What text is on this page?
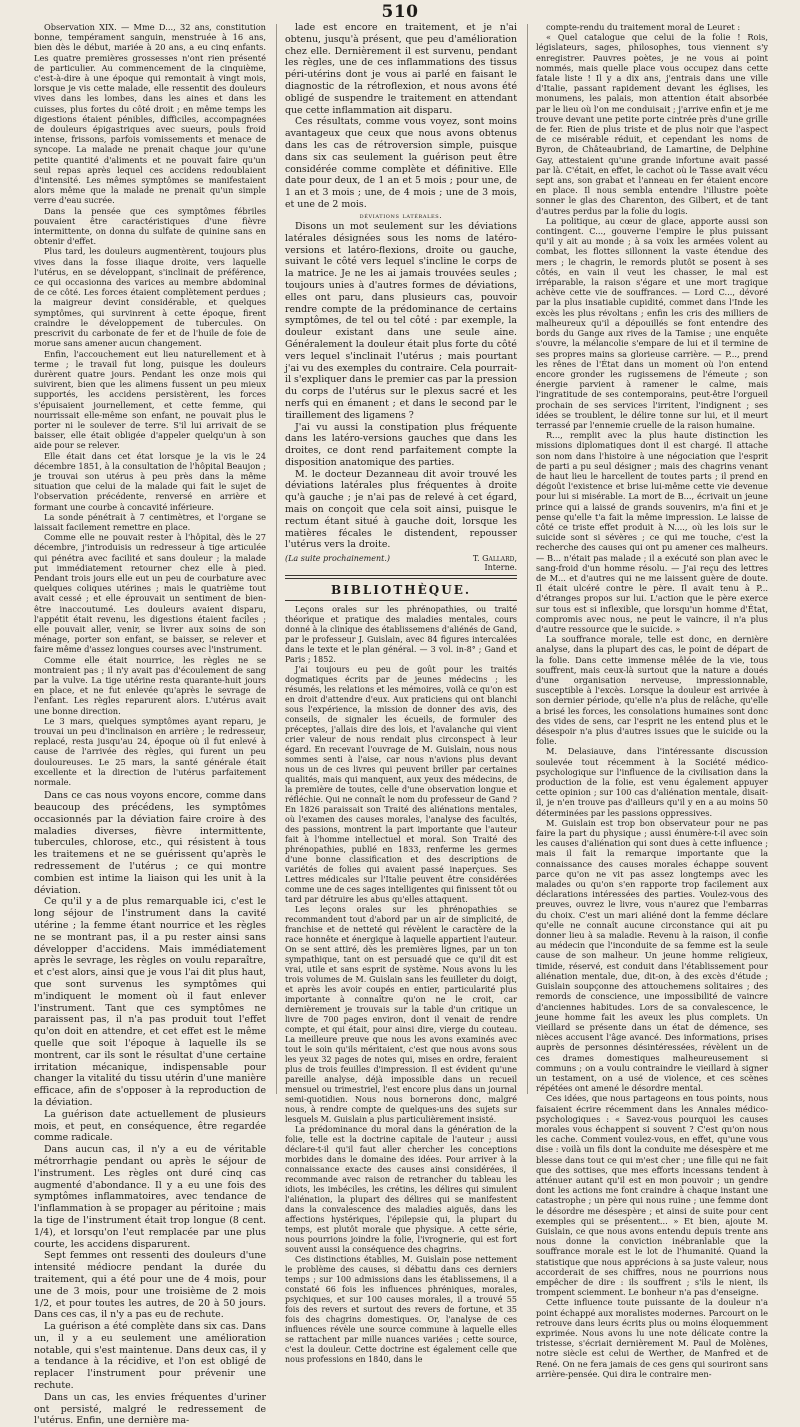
510

Observation XIX. — Mme D..., 32 ans, constitution bonne, tempérament sanguin, menstruée à 16 ans, bien dès le début, mariée à 20 ans, a eu cinq enfants. Les quatre premières grossesses n'ont rien présenté de particulier. Au commencement de la cinquième, c'est-à-dire à une époque qui remontait à vingt mois, lorsque je vis cette malade, elle ressentit des douleurs vives dans les lombes, dans les aines et dans les cuisses, plus fortes du côté droit ; en même temps les digestions étaient pénibles, difficiles, accompagnées de douleurs épigastriques avec sueurs, pouls froid intense, frissons, parfois vomissements et menace de syncope. La malade ne prenait chaque jour qu'une petite quantité d'aliments et ne pouvait faire qu'un seul repas après lequel ces accidens redoublaient d'intensité. Les mêmes symptômes se manifestaient alors même que la malade ne prenait qu'un simple verre d'eau sucrée.

Dans la pensée que ces symptômes fébriles pouvaient être caractéristiques d'une fièvre intermittente, on donna du sulfate de quinine sans en obtenir d'effet.

Plus tard, les douleurs augmentèrent, toujours plus vives dans la fosse iliaque droite, vers laquelle l'utérus, en se développant, s'inclinait de préférence, ce qui occasionna des varices au membre abdominal de ce côté. Les forces étaient complètement perdues ; la maigreur devint considérable, et quelques symptômes, qui survinrent à cette époque, firent craindre le développement de tubercules. On prescrivit du carbonate de fer et de l'huile de foie de morue sans amener aucun changement.

Enfin, l'accouchement eut lieu naturellement et à terme ; le travail fut long, puisque les douleurs durèrent quatre jours. Pendant les onze mois qui suivirent, bien que les alimens fussent un peu mieux supportés, les accidens persistèrent, les forces s'épuisaient journellement, et cette femme, qui nourrissait elle-même son enfant, ne pouvait plus le porter ni le soulever de terre. S'il lui arrivait de se baisser, elle était obligée d'appeler quelqu'un à son aide pour se relever.

Elle était dans cet état lorsque je la vis le 24 décembre 1851, à la consultation de l'hôpital Beaujon ; je trouvai son utérus à peu près dans la même situation que celui de la malade qui fait le sujet de l'observation précédente, renversé en arrière et formant une courbe à concavité inférieure.

La sonde pénétrait à 7 centimètres, et l'organe se laissait facilement remettre en place.

Comme elle ne pouvait rester à l'hôpital, dès le 27 décembre, j'introduisis un redresseur à tige articulée qui pénétra avec facilité et sans douleur ; la malade put immédiatement retourner chez elle à pied. Pendant trois jours elle eut un peu de courbature avec quelques coliques utérines ; mais le quatrième tout avait cessé ; et elle éprouvait un sentiment de bien-être inaccoutumé. Les douleurs avaient disparu, l'appétit était revenu, les digestions étaient faciles ; elle pouvait aller, venir, se livrer aux soins de son ménage, porter son enfant, se baisser, se relever et faire même d'assez longues courses avec l'instrument.

Comme elle était nourrice, les règles ne se montraient pas ; il n'y avait pas d'écoulement de sang par la vulve. La tige utérine resta quarante-huit jours en place, et ne fut enlevée qu'après le sevrage de l'enfant. Les règles reparurent alors. L'utérus avait une bonne direction.

Le 3 mars, quelques symptômes ayant reparu, je trouvai un peu d'inclinaison en arrière ; le redresseur, replacé, resta jusqu'au 24, époque où il fut enlevé à cause de l'arrivée des règles, qui furent un peu douloureuses. Le 25 mars, la santé générale était excellente et la direction de l'utérus parfaitement normale.

Dans ce cas nous voyons encore, comme dans beaucoup des précédens, les symptômes occasionnés par la déviation faire croire à des maladies diverses, fièvre intermittente, tubercules, chlorose, etc., qui résistent à tous les traitemens et ne se guérissent qu'après le redressement de l'utérus ; ce qui montre combien est intime la liaison qui les unit à la déviation.

Ce qu'il y a de plus remarquable ici, c'est le long séjour de l'instrument dans la cavité utérine ; la femme étant nourrice et les règles ne se montrant pas, il a pu rester ainsi sans développer d'accidens. Mais immédiatement après le sevrage, les règles on voulu reparaître, et c'est alors, ainsi que je vous l'ai dit plus haut, que sont survenus les symptômes qui m'indiquent le moment où il faut enlever l'instrument. Tant que ces symptômes ne paraissent pas, il n'a pas produit tout l'effet qu'on doit en attendre, et cet effet est le même quelle que soit l'époque à laquelle ils se montrent, car ils sont le résultat d'une certaine irritation mécanique, indispensable pour changer la vitalité du tissu utérin d'une manière efficace, afin de s'opposer à la reproduction de la déviation.

La guérison date actuellement de plusieurs mois, et peut, en conséquence, être regardée comme radicale.

Dans aucun cas, il n'y a eu de véritable métrorrhagie pendant ou après le séjour de l'instrument. Les règles ont duré cinq cas augmenté d'abondance. Il y a eu une fois des symptômes inflammatoires, avec tendance de l'inflammation à se propager au péritoine ; mais la tige de l'instrument était trop longue (8 cent. 1/4), et lorsqu'on l'eut remplacée par une plus courte, les accidens disparurent.

Sept femmes ont ressenti des douleurs d'une intensité médiocre pendant la durée du traitement, qui a été pour une de 4 mois, pour une de 3 mois, pour une troisième de 2 mois 1/2, et pour toutes les autres, de 20 à 50 jours. Dans ces cas, il n'y a pas eu de rechute.

La guérison a été complète dans six cas. Dans un, il y a eu seulement une amélioration notable, qui s'est maintenue. Dans deux cas, il y a tendance à la récidive, et l'on est obligé de replacer l'instrument pour prévenir une rechute.

Dans un cas, les envies fréquentes d'uriner ont persisté, malgré le redressement de l'utérus. Enfin, une dernière ma-

lade est encore en traitement, et je n'ai obtenu, jusqu'à présent, que peu d'amélioration chez elle. Dernièrement il est survenu, pendant les règles, une de ces inflammations des tissus péri-utérins dont je vous ai parlé en faisant le diagnostic de la rétroflexion, et nous avons été obligé de suspendre le traitement en attendant que cette inflammation ait disparu.

Ces résultats, comme vous voyez, sont moins avantageux que ceux que nous avons obtenus dans les cas de rétroversion simple, puisque dans six cas seulement la guérison peut être considérée comme complète et définitive. Elle date pour deux, de 1 an et 5 mois ; pour une, de 1 an et 3 mois ; une, de 4 mois ; une de 3 mois, et une de 2 mois.

déviations latérales.

Disons un mot seulement sur les déviations latérales désignées sous les noms de latéro-versions et latéro-flexions, droite ou gauche, suivant le côté vers lequel s'incline le corps de la matrice. Je ne les ai jamais trouvées seules ; toujours unies à d'autres formes de déviations, elles ont paru, dans plusieurs cas, pouvoir rendre compte de la prédominance de certains symptômes, de tel ou tel côté : par exemple, la douleur existant dans une seule aine. Généralement la douleur était plus forte du côté vers lequel s'inclinait l'utérus ; mais pourtant j'ai vu des exemples du contraire. Cela pourrait-il s'expliquer dans le premier cas par la pression du corps de l'utérus sur le plexus sacré et les nerfs qui en émanent ; et dans le second par le tiraillement des ligamens ?

J'ai vu aussi la constipation plus fréquente dans les latéro-versions gauches que dans les droites, ce dont rend parfaitement compte la disposition anatomique des parties.

M. le docteur Dezanneau dit avoir trouvé les déviations latérales plus fréquentes à droite qu'à gauche ; je n'ai pas de relevé à cet égard, mais on conçoit que cela soit ainsi, puisque le rectum étant situé à gauche doit, lorsque les matières fécales le distendent, repousser l'utérus vers la droite.

(La suite prochainement.)	T. Gallard,
Interne.
BIBLIOTHÈQUE.

Leçons orales sur les phrénopathies, ou traité théorique et pratique des maladies mentales, cours donné à la clinique des établissemens d'aliénés de Gand, par le professeur J. Guislain, avec 84 figures intercalées dans le texte et le plan général. — 3 vol. in-8° ; Gand et Paris ; 1852.

J'ai toujours eu peu de goût pour les traités dogmatiques écrits par de jeunes médecins ; les résumés, les relations et les mémoires, voilà ce qu'on est en droit d'attendre d'eux. Aux praticiens qui ont blanchi sous l'expérience, la mission de donner des avis, des conseils, de signaler les écueils, de formuler des préceptes, j'allais dire des lois, et l'avalanche qui vient crier valeur de nous rendait plus circonspect à leur égard. En recevant l'ouvrage de M. Guislain, nous nous sommes senti à l'aise, car nous n'avions plus devant nous un de ces livres qui peuvent briller par certaines qualités, mais qui manquent, aux yeux des médecins, de la première de toutes, celle d'une observation longue et réfléchie. Qui ne connaît le nom du professeur de Gand ? En 1826 paraissait son Traité des aliénations mentales, où l'examen des causes morales, l'analyse des facultés, des passions, montrent la part importante que l'auteur fait à l'homme intellectuel et moral. Son Traité des phrénopathies, publié en 1833, renferme les germes d'une bonne classification et des descriptions de variétés de folies qui avaient passé inaperçues. Ses Lettres médicales sur l'Italie peuvent être considérées comme une de ces sages intelligentes qui finissent tôt ou tard par détruire les abus qu'elles attaquent.

Les leçons orales sur les phrénopathies se recommandent tout d'abord par un air de simplicité, de franchise et de netteté qui révèlent le caractère de la race honnête et énergique à laquelle appartient l'auteur. On se sent attiré, dès les premières lignes, par un ton sympathique, tant on est persuadé que ce qu'il dit est vrai, utile et sans esprit de système. Nous avons lu les trois volumes de M. Guislain sans les feuilleter du doigt, et après les avoir coupés en entier, particularité plus importante à connaître qu'on ne le croit, car dernièrement je trouvais sur la table d'un critique un livre de 700 pages environ, dont il venait de rendre compte, et qui était, pour ainsi dire, vierge du couteau. La meilleure preuve que nous les avons examinés avec tout le soin qu'ils méritaient, c'est que nous avons sous les yeux 32 pages de notes qui, mises en ordre, feraient plus de trois feuilles d'impression. Il est évident qu'une pareille analyse, déjà impossible dans un recueil mensuel ou trimestriel, l'est encore plus dans un journal semi-quotidien. Nous nous bornerons donc, malgré nous, à rendre compte de quelques-uns des sujets sur lesquels M. Guislain a plus particulièrement insisté.

La prédominance du moral dans la génération de la folie, telle est la doctrine capitale de l'auteur ; aussi déclare-t-il qu'il faut aller chercher les conceptions morbides dans le domaine des idées. Pour arriver à la connaissance exacte des causes ainsi considérées, il recommande avec raison de retrancher du tableau les idiots, les imbéciles, les crétins, les délires qui simulent l'aliénation, la plupart des délires qui se manifestent dans la convalescence des maladies aiguës, dans les affections hystériques, l'épilepsie qui, la plupart du temps, est plutôt morale que physique. A cette série, nous pourrions joindre la folie, l'ivrognerie, qui est fort souvent aussi la conséquence des chagrins.

Ces distinctions établies, M. Guislain pose nettement le problème des causes, si débattu dans ces derniers temps ; sur 100 admissions dans les établissemens, il a constaté 66 fois les influences phréniques, morales, psychiques, et sur 100 causes morales, il a trouvé 55 fois des revers et surtout des revers de fortune, et 35 fois des chagrins domestiques. Or, l'analyse de ces influences révèle une source commune à laquelle elles se rattachent par mille nuances variées ; cette source, c'est la douleur. Cette doctrine est également celle que nous professions en 1840, dans le

compte-rendu du traitement moral de Leuret :

« Quel catalogue que celui de la folie ! Rois, législateurs, sages, philosophes, tous viennent s'y enregistrer. Pauvres poètes, je ne vous ai point nommés, mais quelle place vous occupez dans cette fatale liste ! Il y a dix ans, j'entrais dans une ville d'Italie, passant rapidement devant les églises, les monumens, les palais, mon attention était absorbée par le lieu où l'on me conduisait ; j'arrive enfin et je me trouve devant une petite porte cintrée près d'une grille de fer. Rien de plus triste et de plus noir que l'aspect de ce misérable réduit, et cependant les noms de Byron, de Châteaubriand, de Lamartine, de Delphine Gay, attestaient qu'une grande infortune avait passé par là. C'était, en effet, le cachot où le Tasse avait vécu sept ans, son grabat et l'anneau en fer étaient encore en place. Il nous sembla entendre l'illustre poète sonner le glas des Charenton, des Gilbert, et de tant d'autres perdus par la folie du logis.

La politique, au cœur de glace, apporte aussi son contingent. C..., gouverne l'empire le plus puissant qu'il y ait au monde ; à sa voix les armées volent au combat, les flottes sillonnent la vaste étendue des mers ; le chagrin, le remords plutôt se posent à ses côtés, en vain il veut les chasser, le mal est irréparable, la raison s'égare et une mort tragique achève cette vie de souffrances. — Lord C..., dévoré par la plus insatiable cupidité, commet dans l'Inde les excès les plus révoltans ; enfin les cris des milliers de malheureux qu'il a dépouillés se font entendre des bords du Gange aux rives de la Tamise ; une enquête s'ouvre, la mélancolie s'empare de lui et il termine de ses propres mains sa glorieuse carrière. — P..., prend les rênes de l'État dans un moment où l'on entend encore gronder les rugissemens de l'émeute ; son énergie parvient à ramener le calme, mais l'ingratitude de ses contemporains, peut-être l'orgueil prochain de ses services l'irritent, l'indignent ; ses idées se troublent, le délire tonne sur lui, et il meurt terrassé par l'ennemie cruelle de la raison humaine.

R..., remplit avec la plus haute distinction les missions diplomatiques dont il est chargé. Il attache son nom dans l'histoire à une négociation que l'esprit de parti a pu seul désigner ; mais des chagrins venant de haut lieu le harcellent de toutes parts ; il prend en dégoût l'existence et brise lui-même cette vie devenue pour lui si misérable. La mort de B..., écrivait un jeune prince qui a laissé de grands souvenirs, m'a fini et je pense qu'elle t'a fait la même impression. Le laisse de côté ce triste effet produit à N...., où les lois sur le suicide sont si sévères ; ce qui me touche, c'est la recherche des causes qui ont pu amener ces malheurs. — B... n'était pas malade ; il a exécuté son plan avec le sang-froid d'un homme résolu. — J'ai reçu des lettres de M... et d'autres qui ne me laissent guère de doute. Il était ulcéré contre le père. Il avait tenu à P... d'étranges propos sur lui. L'action que le père exerce sur tous est si inflexible, que lorsqu'un homme d'État, compromis avec nous, ne peut le vaincre, il n'a plus d'autre ressource que le suicide. »

La souffrance morale, telle est donc, en dernière analyse, dans la plupart des cas, le point de départ de la folie. Dans cette immense mêlée de la vie, tous souffrent, mais ceux-là surtout que la nature a doués d'une organisation nerveuse, impressionnable, susceptible à l'excès. Lorsque la douleur est arrivée à son dernier période, qu'elle n'a plus de relâche, qu'elle a brisé les forces, les consolations humaines sont donc des vides de sens, car l'esprit ne les entend plus et le désespoir n'a plus d'autres issues que le suicide ou la folie.

M. Delasiauve, dans l'intéressante discussion soulevée tout récemment à la Société médico-psychologique sur l'influence de la civilisation dans la production de la folie, est venu également appuyer cette opinion ; sur 100 cas d'aliénation mentale, disait-il, je n'en trouve pas d'ailleurs qu'il y en a au moins 50 déterminées par les passions oppressives.

M. Guislain est trop bon observateur pour ne pas faire la part du physique ; aussi énumère-t-il avec soin les causes d'aliénation qui sont dues à cette influence ; mais il fait la remarque importante que la connaissance des causes morales échappe souvent parce qu'on ne vit pas assez longtemps avec les malades ou qu'on s'en rapporte trop facilement aux déclarations intéressées des parties. Voulez-vous des preuves, ouvrez le livre, vous n'aurez que l'embarras du choix. C'est un mari aliéné dont la femme déclare qu'elle ne connaît aucune circonstance qui ait pu donner lieu à sa maladie. Revenu à la raison, il confie au médecin que l'inconduite de sa femme est la seule cause de son malheur. Un jeune homme religieux, timide, réservé, est conduit dans l'établissement pour aliénation mentale, due, dit-on, à des excès d'étude ; Guislain soupçonne des attouchemens solitaires ; des remords de conscience, une impossibilité de vaincre d'anciennes habitudes. Lors de sa convalescence, le jeune homme fait les aveux les plus complets. Un vieillard se présente dans un état de démence, ses nièces accusent l'âge avancé. Des informations, prises auprès de personnes désintéressées, révèlent un de ces drames domestiques malheureusement si communs ; on a voulu contraindre le vieillard à signer un testament, on a usé de violence, et ces scènes répétées ont amené le désordre mental.

Ces idées, que nous partageons en tous points, nous faisaient écrire récemment dans les Annales médico-psychologiques : « Savez-vous pourquoi les causes morales vous échappent si souvent ? C'est qu'on nous les cache. Comment voulez-vous, en effet, qu'une vous dise : voilà un fils dont la conduite me désespère et me blesse dans tout ce qui m'est cher ; une fille qui ne fait que des sottises, que mes efforts incessans tendent à atténuer autant qu'il est en mon pouvoir ; un gendre dont les actions me font craindre à chaque instant une catastrophe ; un père qui nous ruine ; une femme dont le désordre me désespère ; et ainsi de suite pour cent exemples qui se présentent... » Et bien, ajoute M. Guislain, ce que nous avons entendu depuis trente ans nous donne la conviction inébranlable que la souffrance morale est le lot de l'humanité. Quand la statistique que nous apprécions à sa juste valeur, nous accorderait de ses chiffres, nous ne pourrions nous empêcher de dire : ils souffrent ; s'ils le nient, ils trompent sciemment. Le bonheur n'a pas d'enseigne.

Cette influence toute puissante de la douleur n'a point échappé aux moralistes modernes. Parcourt on le retrouve dans leurs écrits plus ou moins éloquemment exprimée. Nous avons lu une note délicate contre la tristesse, s'écriait dernièrement M. Paul de Molènes, notre siècle est celui de Werther, de Manfred et de René. On ne fera jamais de ces gens qui souriront sans arrière-pensée. Qui dira le contraire men-
